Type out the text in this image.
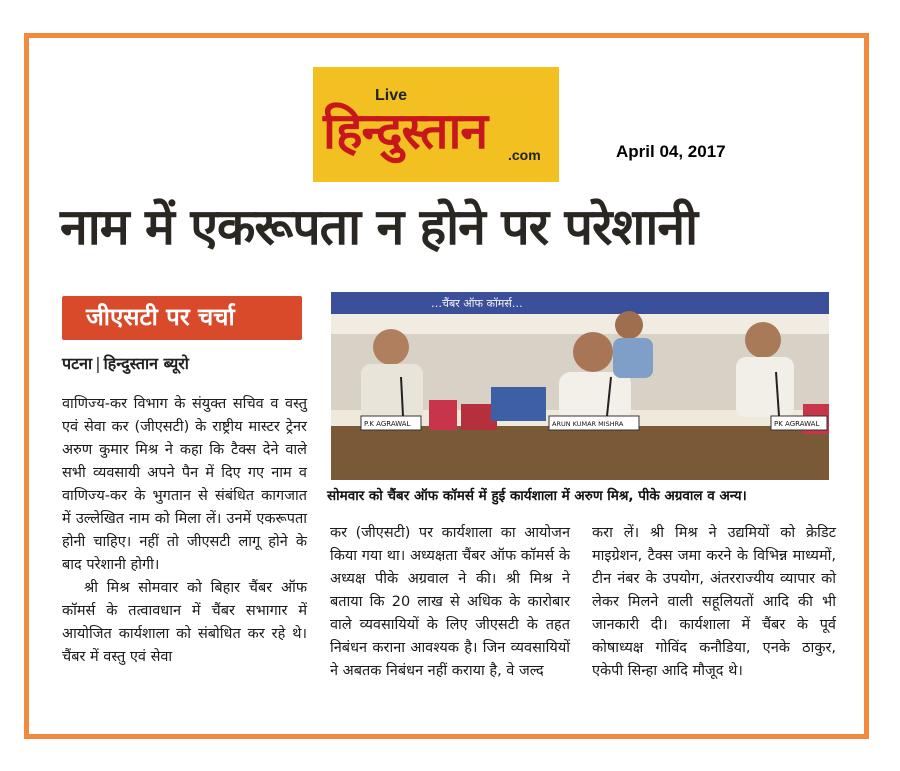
Live
हिन्दुस्तान .com	April 04, 2017
नाम में एकरूपता न होने पर परेशानी
जीएसटी पर चर्चा
पटना | हिन्दुस्तान ब्यूरो

वाणिज्य-कर विभाग के संयुक्त सचिव व वस्तु एवं सेवा कर (जीएसटी) के राष्ट्रीय मास्टर ट्रेनर अरुण कुमार मिश्र ने कहा कि टैक्स देने वाले सभी व्यवसायी अपने पैन में दिए गए नाम व वाणिज्य-कर के भुगतान से संबंधित कागजात में उल्लेखित नाम को मिला लें। उनमें एकरूपता होनी चाहिए। नहीं तो जीएसटी लागू होने के बाद परेशानी होगी।

श्री मिश्र सोमवार को बिहार चैंबर ऑफ कॉमर्स के तत्वावधान में चैंबर सभागार में आयोजित कार्यशाला को संबोधित कर रहे थे। चैंबर में वस्तु एवं सेवा

…चैंबर ऑफ कॉमर्स…
P.K AGRAWAL	ARUN KUMAR MISHRA	PK AGRAWAL
सोमवार को चैंबर ऑफ कॉमर्स में हुई कार्यशाला में अरुण मिश्र, पीके अग्रवाल व अन्य।

कर (जीएसटी) पर कार्यशाला का आयोजन किया गया था। अध्यक्षता चैंबर ऑफ कॉमर्स के अध्यक्ष पीके अग्रवाल ने की। श्री मिश्र ने बताया कि 20 लाख से अधिक के कारोबार वाले व्यवसायियों के लिए जीएसटी के तहत निबंधन कराना आवश्यक है। जिन व्यवसायियों ने अबतक निबंधन नहीं कराया है, वे जल्द

करा लें। श्री मिश्र ने उद्यमियों को क्रेडिट माइग्रेशन, टैक्स जमा करने के विभिन्न माध्यमों, टीन नंबर के उपयोग, अंतरराज्यीय व्यापार को लेकर मिलने वाली सहूलियतों आदि की भी जानकारी दी। कार्यशाला में चैंबर के पूर्व कोषाध्यक्ष गोविंद कनौडिया, एनके ठाकुर, एकेपी सिन्हा आदि मौजूद थे।
